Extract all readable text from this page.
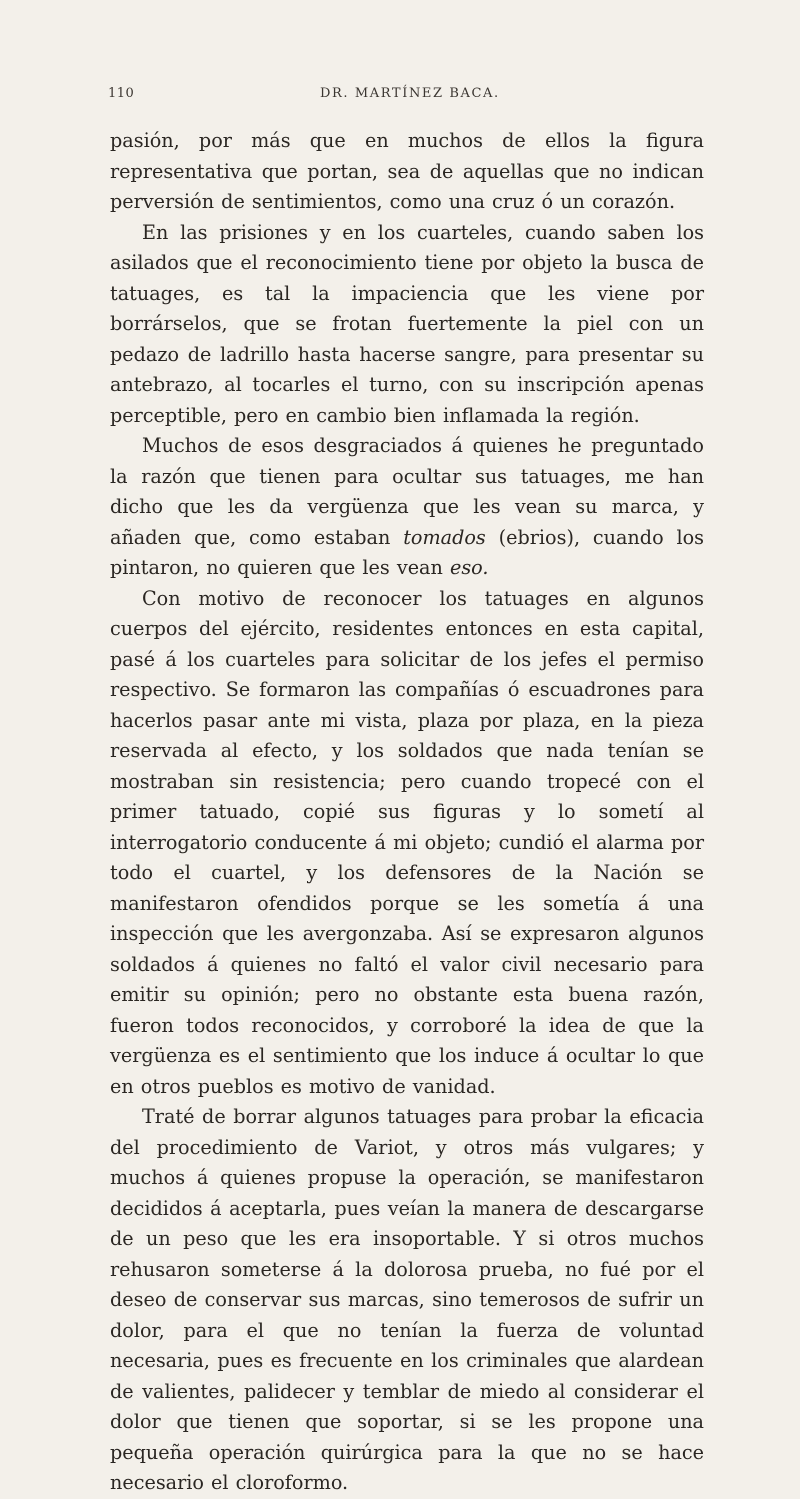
110	DR. MARTÍNEZ BACA.

pasión, por más que en muchos de ellos la figura representativa que portan, sea de aquellas que no indican perversión de sentimientos, como una cruz ó un corazón.

En las prisiones y en los cuarteles, cuando saben los asilados que el reconocimiento tiene por objeto la busca de tatuages, es tal la impaciencia que les viene por borrárselos, que se frotan fuertemente la piel con un pedazo de ladrillo hasta hacerse sangre, para presentar su antebrazo, al tocarles el turno, con su inscripción apenas perceptible, pero en cambio bien inflamada la región.

Muchos de esos desgraciados á quienes he preguntado la razón que tienen para ocultar sus tatuages, me han dicho que les da vergüenza que les vean su marca, y añaden que, como estaban tomados (ebrios), cuando los pintaron, no quieren que les vean eso.

Con motivo de reconocer los tatuages en algunos cuerpos del ejército, residentes entonces en esta capital, pasé á los cuarteles para solicitar de los jefes el permiso respectivo. Se formaron las compañías ó escuadrones para hacerlos pasar ante mi vista, plaza por plaza, en la pieza reservada al efecto, y los soldados que nada tenían se mostraban sin resistencia; pero cuando tropecé con el primer tatuado, copié sus figuras y lo sometí al interrogatorio conducente á mi objeto; cundió el alarma por todo el cuartel, y los defensores de la Nación se manifestaron ofendidos porque se les sometía á una inspección que les avergonzaba. Así se expresaron algunos soldados á quienes no faltó el valor civil necesario para emitir su opinión; pero no obstante esta buena razón, fueron todos reconocidos, y corroboré la idea de que la vergüenza es el sentimiento que los induce á ocultar lo que en otros pueblos es motivo de vanidad.

Traté de borrar algunos tatuages para probar la eficacia del procedimiento de Variot, y otros más vulgares; y muchos á quienes propuse la operación, se manifestaron decididos á aceptarla, pues veían la manera de descargarse de un peso que les era insoportable. Y si otros muchos rehusaron someterse á la dolorosa prueba, no fué por el deseo de conservar sus marcas, sino temerosos de sufrir un dolor, para el que no tenían la fuerza de voluntad necesaria, pues es frecuente en los criminales que alardean de valientes, palidecer y temblar de miedo al considerar el dolor que tienen que soportar, si se les propone una pequeña operación quirúrgica para la que no se hace necesario el cloroformo.
